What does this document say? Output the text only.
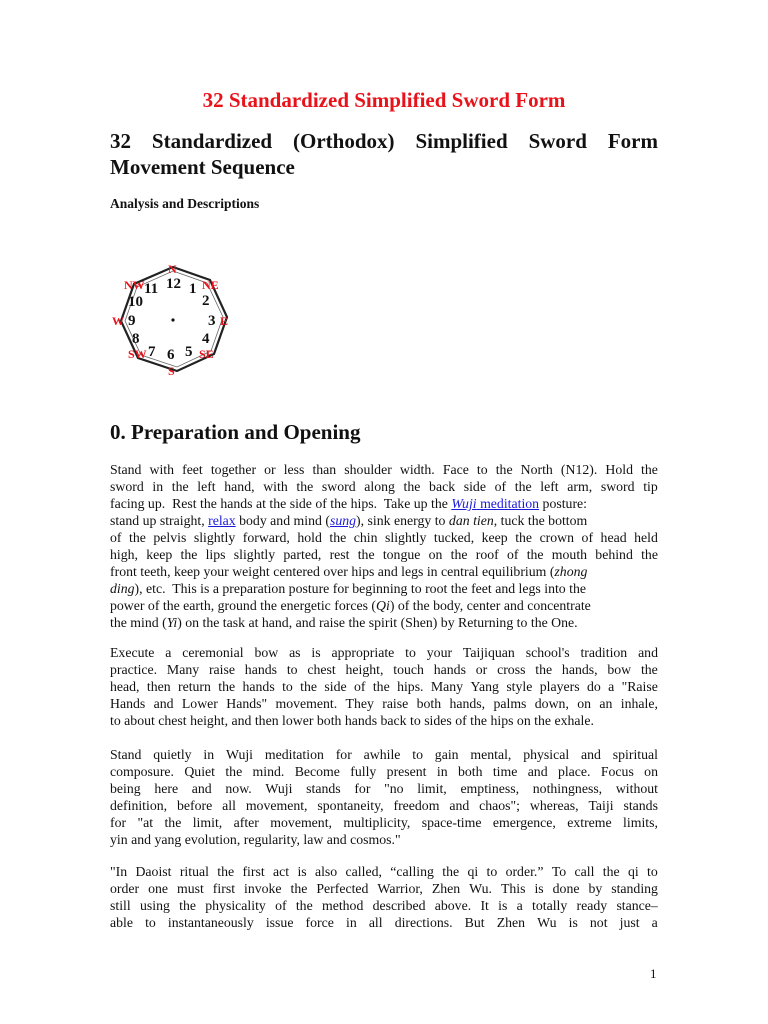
32 Standardized Simplified Sword Form
32 Standardized (Orthodox) Simplified Sword Form
Movement Sequence
Analysis and Descriptions
12 1
2
3
4
5
6
7
8
9
10
11
N
NE
E
SE
S
SW
W
NW
0. Preparation and Opening
Stand with feet together or less than shoulder width. Face to the North (N12). Hold the
sword in the left hand, with the sword along the back side of the left arm, sword tip
facing up.  Rest the hands at the side of the hips.  Take up the Wuji meditation posture:
stand up straight, relax body and mind ( sung ), sink energy to dan tien , tuck the bottom
of the pelvis slightly forward, hold the chin slightly tucked, keep the crown of head held
high, keep the lips slightly parted, rest the tongue on the roof of the mouth behind the
front teeth, keep your weight centered over hips and legs in central equilibrium ( zhong
ding ), etc.  This is a preparation posture for beginning to root the feet and legs into the
power of the earth, ground the energetic forces ( Qi ) of the body, center and concentrate
the mind ( Yi ) on the task at hand, and raise the spirit (Shen) by Returning to the One.
Execute a ceremonial bow as is appropriate to your Taijiquan school's tradition and
practice. Many raise hands to chest height, touch hands or cross the hands, bow the
head, then return the hands to the side of the hips. Many Yang style players do a "Raise
Hands and Lower Hands" movement. They raise both hands, palms down, on an inhale,
to about chest height, and then lower both hands back to sides of the hips on the exhale.
Stand quietly in Wuji meditation for awhile to gain mental, physical and spiritual
composure. Quiet the mind. Become fully present in both time and place. Focus on
being here and now. Wuji stands for "no limit, emptiness, nothingness, without
definition, before all movement, spontaneity, freedom and chaos"; whereas, Taiji stands
for "at the limit, after movement, multiplicity, space-time emergence, extreme limits,
yin and yang evolution, regularity, law and cosmos."
"In Daoist ritual the first act is also called, “calling the qi to order.” To call the qi to
order one must first invoke the Perfected Warrior, Zhen Wu. This is done by standing
still using the physicality of the method described above. It is a totally ready stance–
able to instantaneously issue force in all directions. But Zhen Wu is not just a
1
